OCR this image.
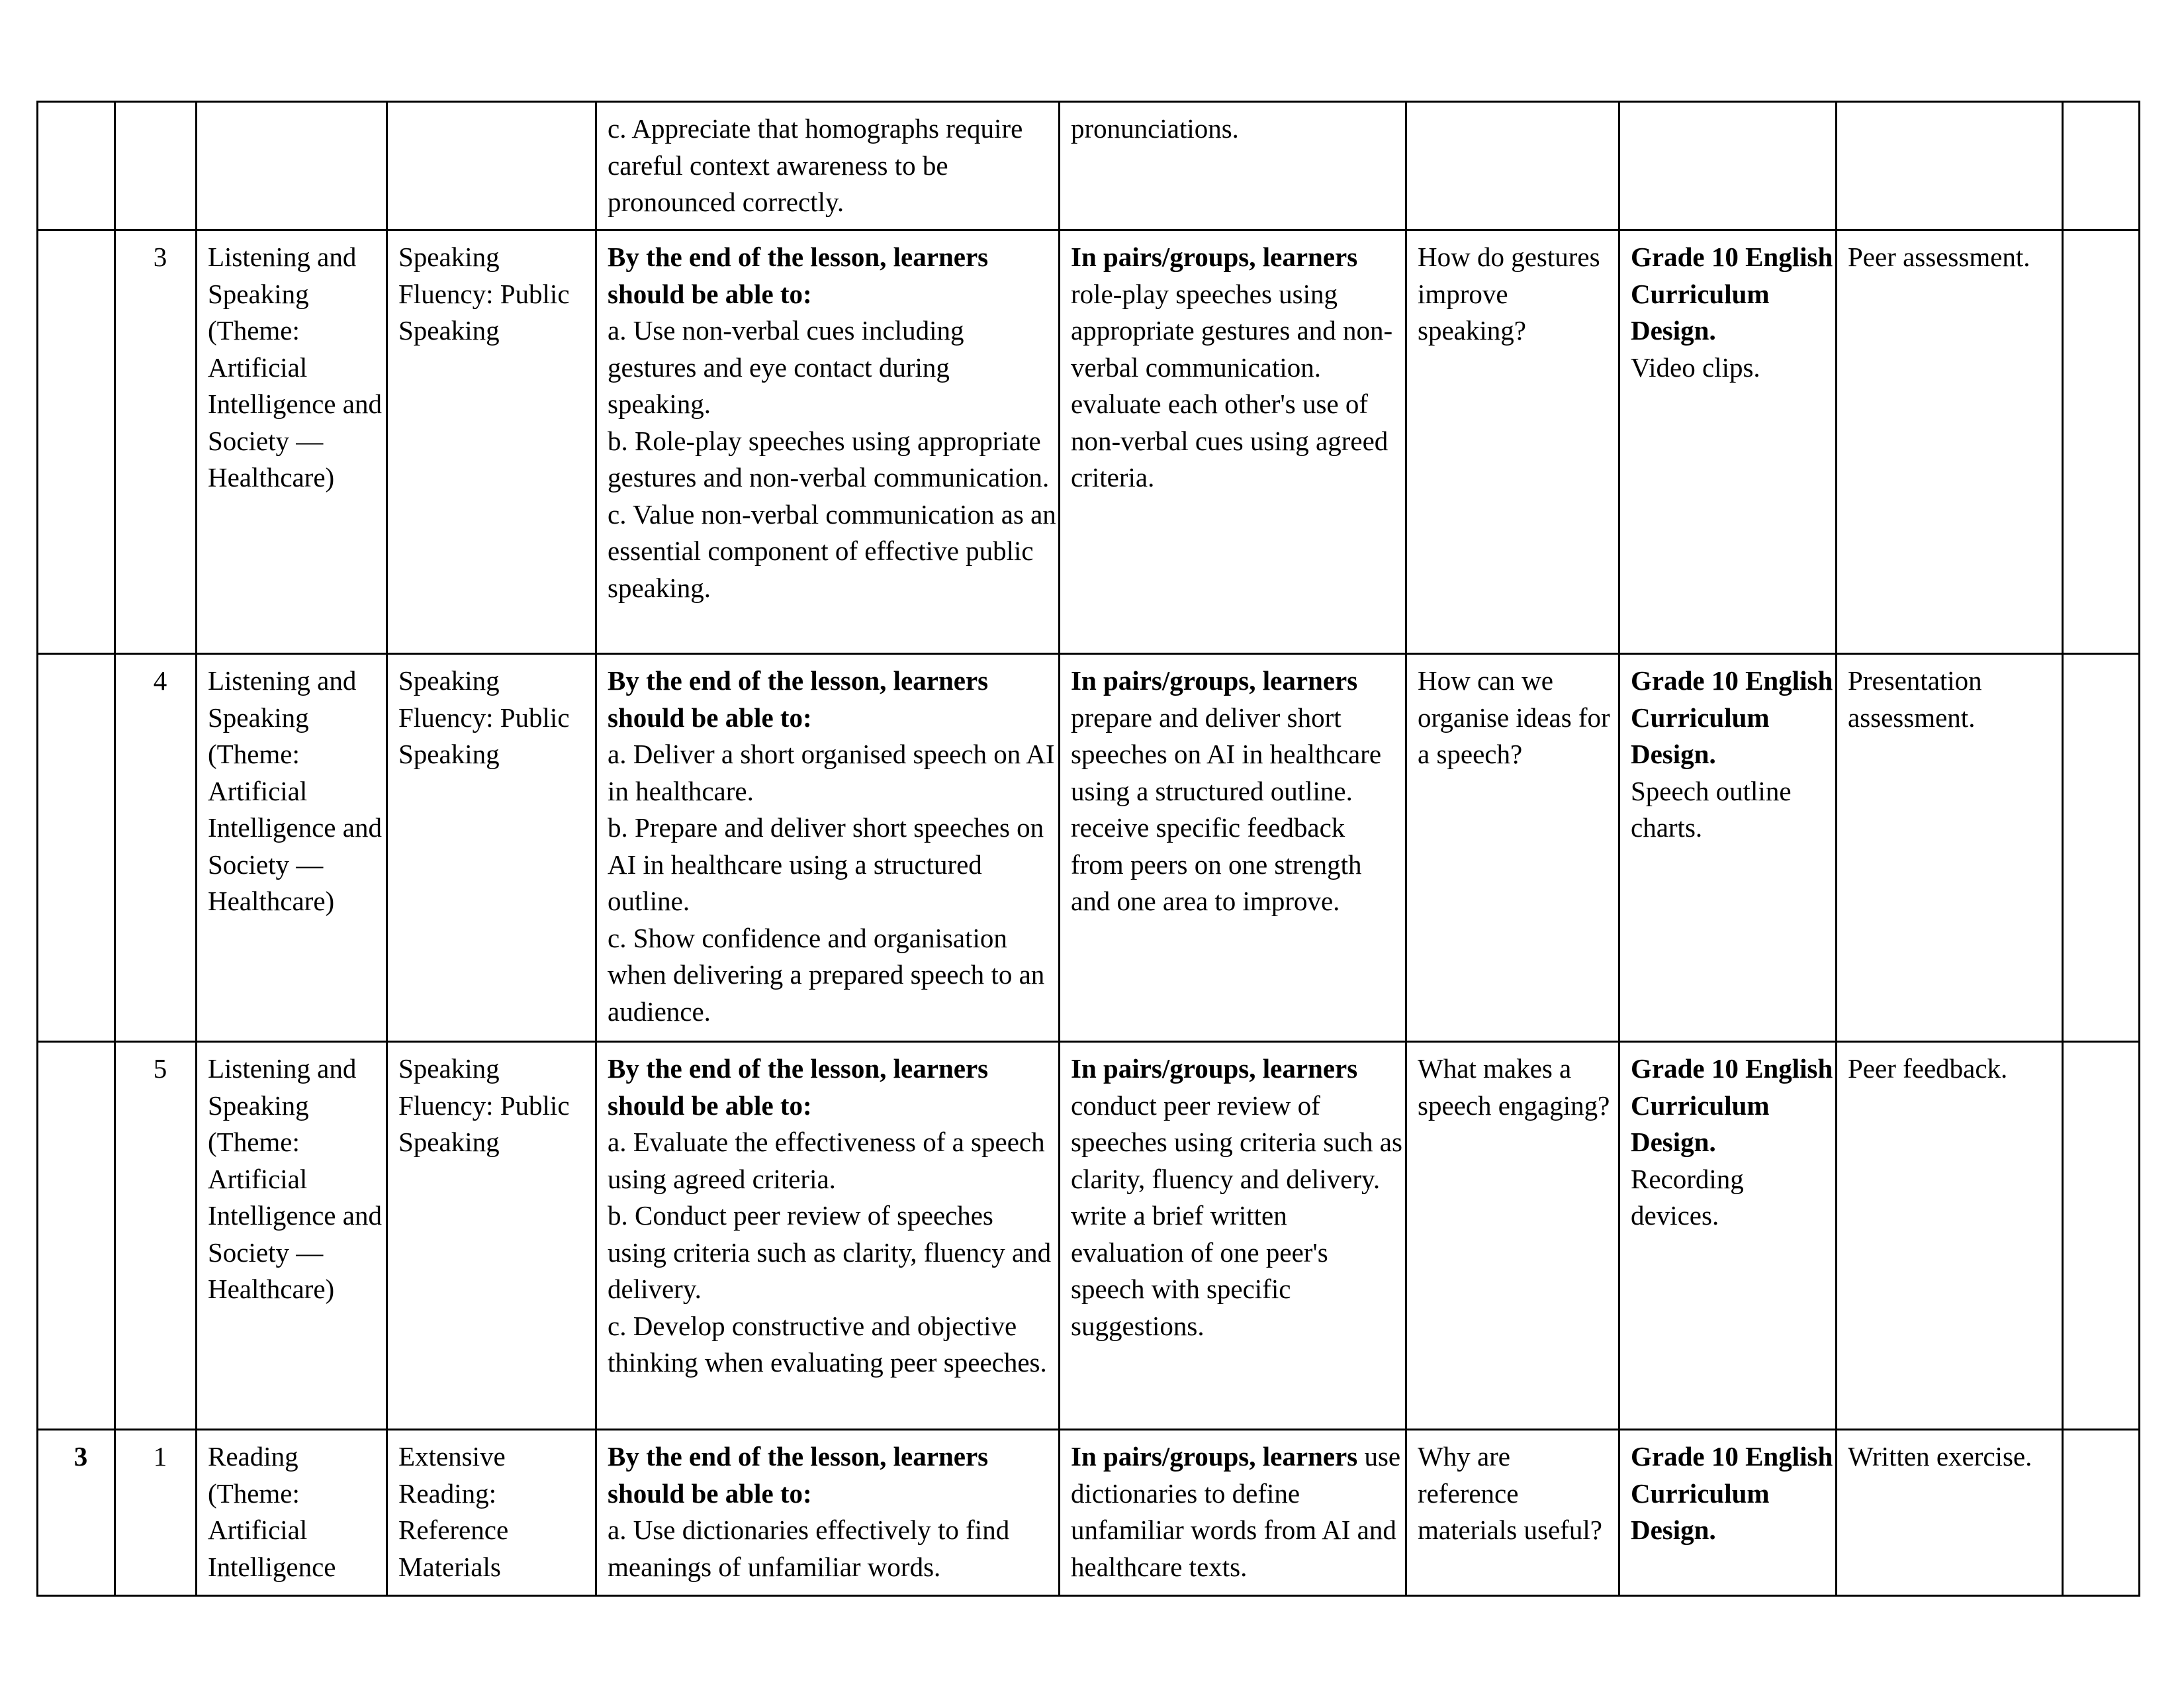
				c. Appreciate that homographs require careful context awareness to be pronounced correctly.	pronunciations.				

	3	Listening and Speaking (Theme: Artificial Intelligence and Society — Healthcare)	Speaking Fluency: Public Speaking	By the end of the lesson, learners should be able to:
a. Use non-verbal cues including gestures and eye contact during speaking.
b. Role-play speeches using appropriate gestures and non-verbal communication.
c. Value non-verbal communication as an essential component of effective public speaking.	In pairs/groups, learners role-play speeches using appropriate gestures and non-verbal communication.
evaluate each other's use of non-verbal cues using agreed criteria.	How do gestures improve speaking?	Grade 10 English Curriculum Design.
Video clips.	Peer assessment.	
	4	Listening and Speaking (Theme: Artificial Intelligence and Society — Healthcare)	Speaking Fluency: Public Speaking	By the end of the lesson, learners should be able to:
a. Deliver a short organised speech on AI in healthcare.
b. Prepare and deliver short speeches on AI in healthcare using a structured outline.
c. Show confidence and organisation when delivering a prepared speech to an audience.	In pairs/groups, learners prepare and deliver short speeches on AI in healthcare using a structured outline.
receive specific feedback from peers on one strength and one area to improve.	How can we organise ideas for a speech?	Grade 10 English Curriculum Design.
Speech outline charts.	Presentation assessment.	
	5	Listening and Speaking (Theme: Artificial Intelligence and Society — Healthcare)	Speaking Fluency: Public Speaking	By the end of the lesson, learners should be able to:
a. Evaluate the effectiveness of a speech using agreed criteria.
b. Conduct peer review of speeches using criteria such as clarity, fluency and delivery.
c. Develop constructive and objective thinking when evaluating peer speeches.	In pairs/groups, learners conduct peer review of speeches using criteria such as clarity, fluency and delivery.
write a brief written evaluation of one peer's speech with specific suggestions.	What makes a speech engaging?	Grade 10 English Curriculum Design.
Recording devices.	Peer feedback.	
3	1	Reading (Theme: Artificial Intelligence	Extensive Reading: Reference Materials	By the end of the lesson, learners should be able to:
a. Use dictionaries effectively to find meanings of unfamiliar words.	In pairs/groups, learners use dictionaries to define unfamiliar words from AI and healthcare texts.	Why are reference materials useful?	Grade 10 English Curriculum Design.	Written exercise.	
